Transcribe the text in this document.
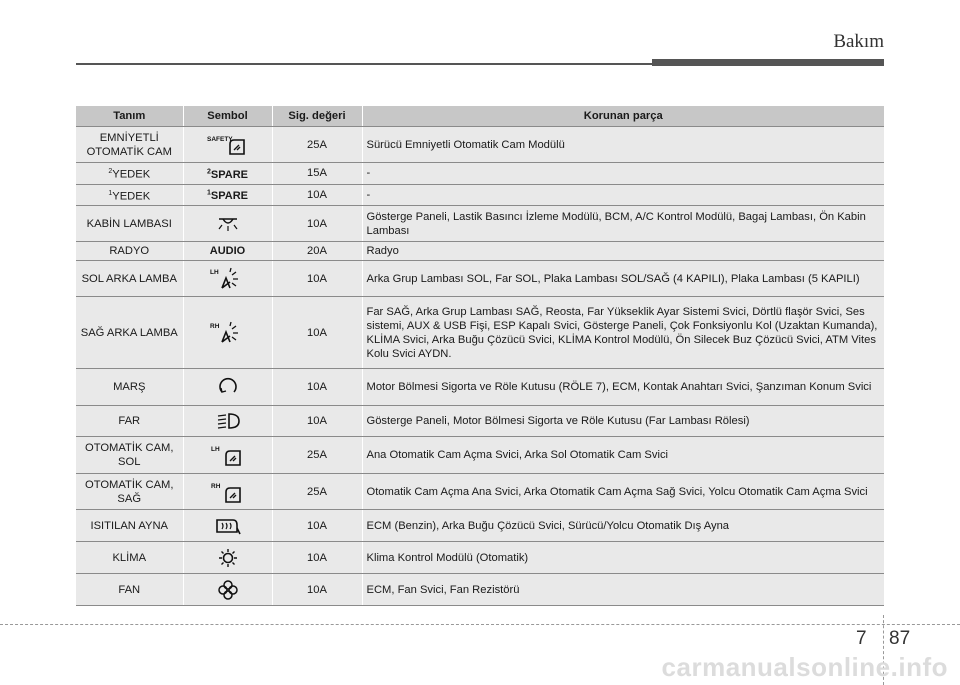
Bakım
Tanım	Sembol	Sig. değeri	Korunan parça
EMNİYETLİ OTOMATİK CAM	SAFETY	25A	Sürücü Emniyetli Otomatik Cam Modülü
$^2$YEDEK	$^2$SPARE	15A	-
$^1$YEDEK	$^1$SPARE	10A	-
KABİN LAMBASI		10A	Gösterge Paneli, Lastik Basıncı İzleme Modülü, BCM, A/C Kontrol Modülü, Bagaj Lambası, Ön Kabin Lambası
RADYO	AUDIO	20A	Radyo
SOL ARKA LAMBA	LH	10A	Arka Grup Lambası SOL, Far SOL, Plaka Lambası SOL/SAĞ (4 KAPILI), Plaka Lambası (5 KAPILI)
SAĞ ARKA LAMBA	RH	10A	Far SAĞ, Arka Grup Lambası SAĞ, Reosta, Far Yükseklik Ayar Sistemi Svici, Dörtlü flaşör Svici, Ses sistemi, AUX & USB Fişi, ESP Kapalı Svici, Gösterge Paneli, Çok Fonksiyonlu Kol (Uzaktan Kumanda), KLİMA Svici, Arka Buğu Çözücü Svici, KLİMA Kontrol Modülü, Ön Silecek Buz Çözücü Svici, ATM Vites Kolu Svici AYDN.
MARŞ		10A	Motor Bölmesi Sigorta ve Röle Kutusu (RÖLE 7), ECM, Kontak Anahtarı Svici, Şanzıman Konum Svici
FAR		10A	Gösterge Paneli, Motor Bölmesi Sigorta ve Röle Kutusu (Far Lambası Rölesi)
OTOMATİK CAM, SOL	LH	25A	Ana Otomatik Cam Açma Svici, Arka Sol Otomatik Cam Svici
OTOMATİK CAM, SAĞ	RH	25A	Otomatik Cam Açma Ana Svici, Arka Otomatik Cam Açma Sağ Svici, Yolcu Otomatik Cam Açma Svici
ISITILAN AYNA		10A	ECM (Benzin), Arka Buğu Çözücü Svici, Sürücü/Yolcu Otomatik Dış Ayna
KLİMA		10A	Klima Kontrol Modülü (Otomatik)
FAN		10A	ECM, Fan Svici, Fan Rezistörü
7 87
carmanualsonline.info
